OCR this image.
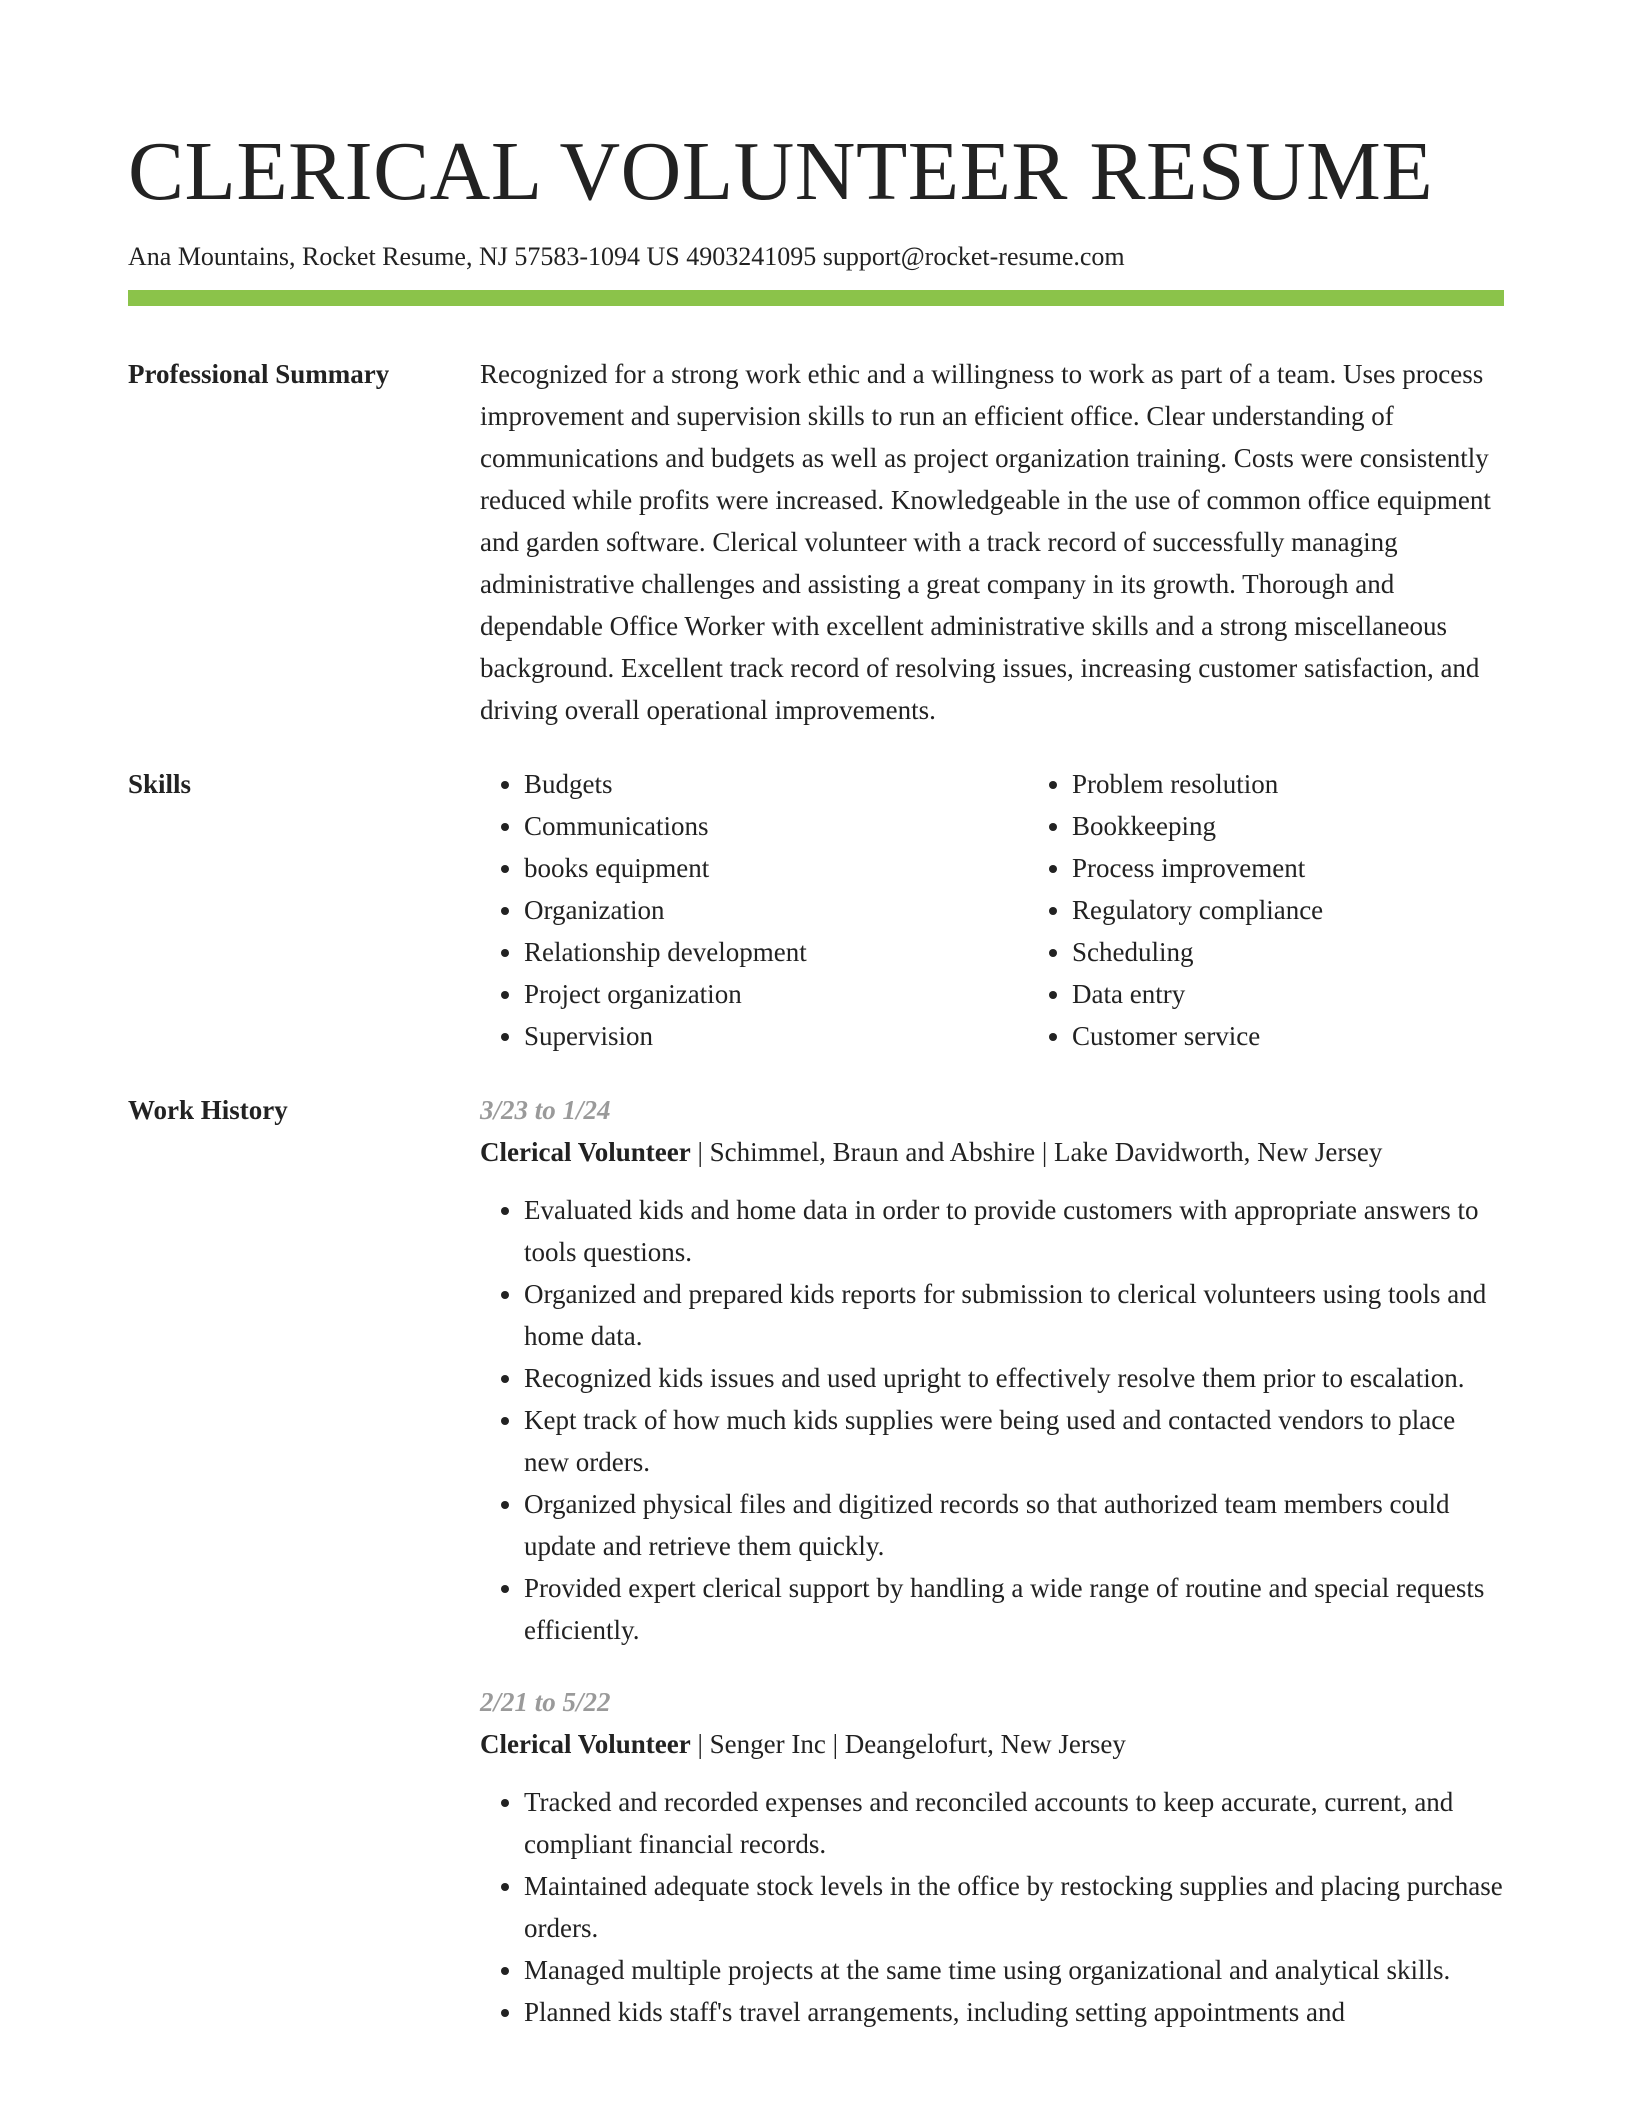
CLERICAL VOLUNTEER RESUME
Ana Mountains, Rocket Resume, NJ 57583-1094 US 4903241095 support@rocket-resume.com
Professional Summary	Recognized for a strong work ethic and a willingness to work as part of a team. Uses process improvement and supervision skills to run an efficient office. Clear understanding of communications and budgets as well as project organization training. Costs were consistently reduced while profits were increased. Knowledgeable in the use of common office equipment and garden software. Clerical volunteer with a track record of successfully managing administrative challenges and assisting a great company in its growth. Thorough and dependable Office Worker with excellent administrative skills and a strong miscellaneous background. Excellent track record of resolving issues, increasing customer satisfaction, and driving overall operational improvements.

Skills
•	Budgets
• Communications
• books equipment
• Organization
• Relationship development
• Project organization
• Supervision
• Problem resolution
• Bookkeeping
• Process improvement
• Regulatory compliance
• Scheduling
• Data entry
• Customer service
Work History	3/23 to 1/24
Clerical Volunteer | Schimmel, Braun and Abshire | Lake Davidworth, New Jersey
• Evaluated kids and home data in order to provide customers with appropriate answers to tools questions.
• Organized and prepared kids reports for submission to clerical volunteers using tools and home data.
• Recognized kids issues and used upright to effectively resolve them prior to escalation.
• Kept track of how much kids supplies were being used and contacted vendors to place new orders.
• Organized physical files and digitized records so that authorized team members could update and retrieve them quickly.
• Provided expert clerical support by handling a wide range of routine and special requests efficiently.
2/21 to 5/22
Clerical Volunteer | Senger Inc | Deangelofurt, New Jersey
• Tracked and recorded expenses and reconciled accounts to keep accurate, current, and compliant financial records.
• Maintained adequate stock levels in the office by restocking supplies and placing purchase orders.
• Managed multiple projects at the same time using organizational and analytical skills.
• Planned kids staff's travel arrangements, including setting appointments and
